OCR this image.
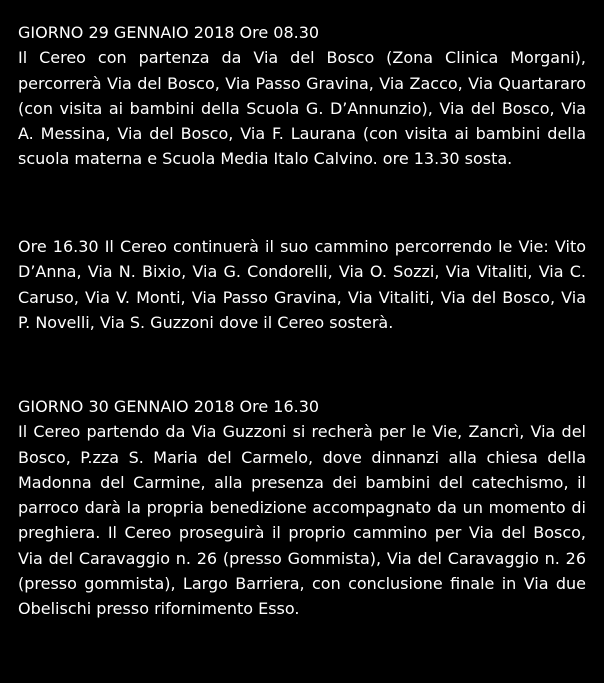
GIORNO 29 GENNAIO 2018 Ore 08.30

Il Cereo con partenza da Via del Bosco (Zona Clinica Morgani), percorrerà Via del Bosco, Via Passo Gravina, Via Zacco, Via Quartararo (con visita ai bambini della Scuola G. D’Annunzio), Via del Bosco, Via A. Messina, Via del Bosco, Via F. Laurana (con visita ai bambini della scuola materna e Scuola Media Italo Calvino. ore 13.30 sosta.

Ore 16.30 Il Cereo continuerà il suo cammino percorrendo le Vie: Vito D’Anna, Via N. Bixio, Via G. Condorelli, Via O. Sozzi, Via Vitaliti, Via C. Caruso, Via V. Monti, Via Passo Gravina, Via Vitaliti, Via del Bosco, Via P. Novelli, Via S. Guzzoni dove il Cereo sosterà.

GIORNO 30 GENNAIO 2018 Ore 16.30

Il Cereo partendo da Via Guzzoni si recherà per le Vie, Zancrì, Via del Bosco, P.zza S. Maria del Carmelo, dove dinnanzi alla chiesa della Madonna del Carmine, alla presenza dei bambini del catechismo, il parroco darà la propria benedizione accompagnato da un momento di preghiera. Il Cereo proseguirà il proprio cammino per Via del Bosco, Via del Caravaggio n. 26 (presso Gommista), Via del Caravaggio n. 26 (presso gommista), Largo Barriera, con conclusione finale in Via due Obelischi presso rifornimento Esso.
